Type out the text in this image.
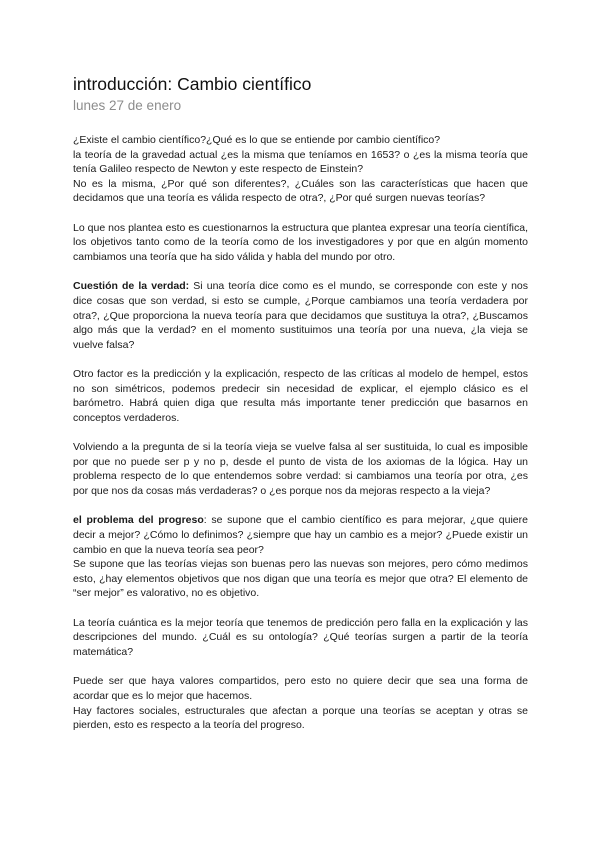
introducción: Cambio científico
lunes 27 de enero

¿Existe el cambio científico?¿Qué es lo que se entiende por cambio científico?
la teoría de la gravedad actual ¿es la misma que teníamos en 1653? o ¿es la misma teoría que tenía Galileo respecto de Newton y este respecto de Einstein?
No es la misma, ¿Por qué son diferentes?, ¿Cuáles son las características que hacen que decidamos que una teoría es válida respecto de otra?, ¿Por qué surgen nuevas teorías?

Lo que nos plantea esto es cuestionarnos la estructura que plantea expresar una teoría científica, los objetivos tanto como de la teoría como de los investigadores y por que en algún momento cambiamos una teoría que ha sido válida y habla del mundo por otro.

Cuestión de la verdad: Si una teoría dice como es el mundo, se corresponde con este y nos dice cosas que son verdad, si esto se cumple, ¿Porque cambiamos una teoría verdadera por otra?, ¿Que proporciona la nueva teoría para que decidamos que sustituya la otra?, ¿Buscamos algo más que la verdad? en el momento sustituimos una teoría por una nueva, ¿la vieja se vuelve falsa?

Otro factor es la predicción y la explicación, respecto de las críticas al modelo de hempel, estos no son simétricos, podemos predecir sin necesidad de explicar, el ejemplo clásico es el barómetro. Habrá quien diga que resulta más importante tener predicción que basarnos en conceptos verdaderos.

Volviendo a la pregunta de si la teoría vieja se vuelve falsa al ser sustituida, lo cual es imposible por que no puede ser p y no p, desde el punto de vista de los axiomas de la lógica. Hay un problema respecto de lo que entendemos sobre verdad: si cambiamos una teoría por otra, ¿es por que nos da cosas más verdaderas? o ¿es porque nos da mejoras respecto a la vieja?

el problema del progreso: se supone que el cambio científico es para mejorar, ¿que quiere decir a mejor? ¿Cómo lo definimos? ¿siempre que hay un cambio es a mejor? ¿Puede existir un cambio en que la nueva teoría sea peor?
Se supone que las teorías viejas son buenas pero las nuevas son mejores, pero cómo medimos esto, ¿hay elementos objetivos que nos digan que una teoría es mejor que otra? El elemento de “ser mejor” es valorativo, no es objetivo.

La teoría cuántica es la mejor teoría que tenemos de predicción pero falla en la explicación y las descripciones del mundo. ¿Cuál es su ontología? ¿Qué teorías surgen a partir de la teoría matemática?

Puede ser que haya valores compartidos, pero esto no quiere decir que sea una forma de acordar que es lo mejor que hacemos.
Hay factores sociales, estructurales que afectan a porque una teorías se aceptan y otras se pierden, esto es respecto a la teoría del progreso.
